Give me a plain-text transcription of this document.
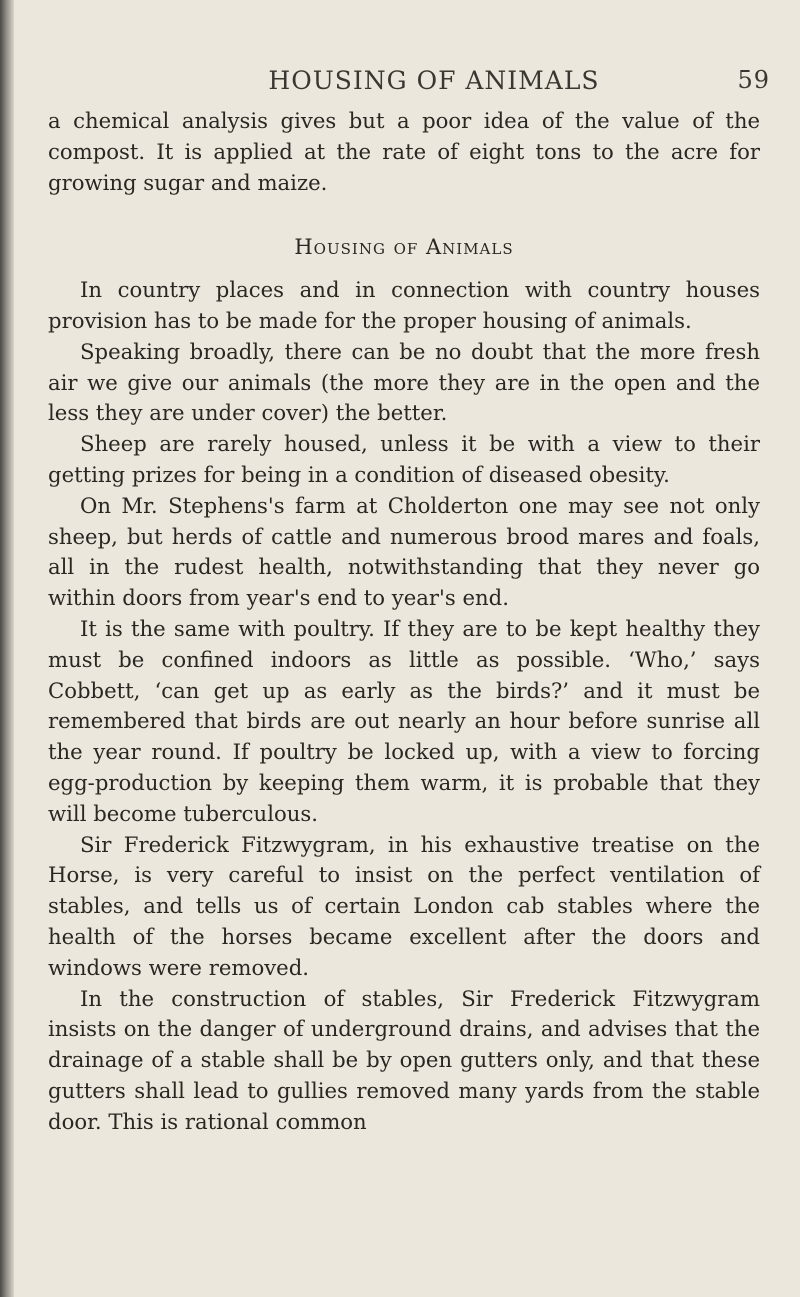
HOUSING OF ANIMALS	59

a chemical analysis gives but a poor idea of the value of the compost. It is applied at the rate of eight tons to the acre for growing sugar and maize.

Housing of Animals

In country places and in connection with country houses provision has to be made for the proper housing of animals.

Speaking broadly, there can be no doubt that the more fresh air we give our animals (the more they are in the open and the less they are under cover) the better.

Sheep are rarely housed, unless it be with a view to their getting prizes for being in a condition of diseased obesity.

On Mr. Stephens's farm at Cholderton one may see not only sheep, but herds of cattle and numerous brood mares and foals, all in the rudest health, notwithstanding that they never go within doors from year's end to year's end.

It is the same with poultry. If they are to be kept healthy they must be confined indoors as little as possible. ‘Who,’ says Cobbett, ‘can get up as early as the birds?’ and it must be remembered that birds are out nearly an hour before sunrise all the year round. If poultry be locked up, with a view to forcing egg-production by keeping them warm, it is probable that they will become tuberculous.

Sir Frederick Fitzwygram, in his exhaustive treatise on the Horse, is very careful to insist on the perfect ventilation of stables, and tells us of certain London cab stables where the health of the horses became excellent after the doors and windows were removed.

In the construction of stables, Sir Frederick Fitzwygram insists on the danger of underground drains, and advises that the drainage of a stable shall be by open gutters only, and that these gutters shall lead to gullies removed many yards from the stable door. This is rational common
